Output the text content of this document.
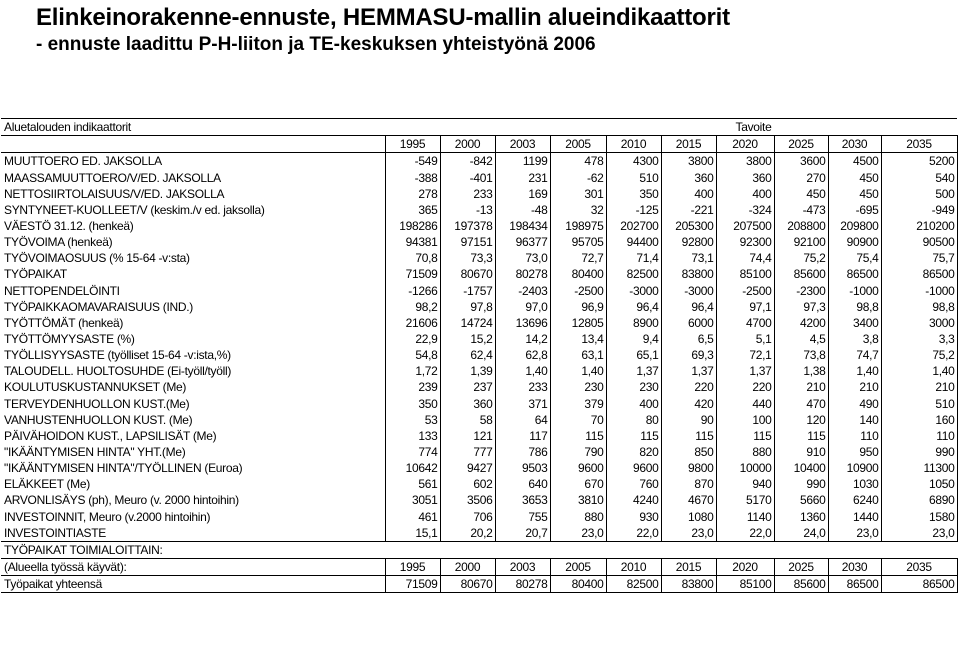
Elinkeinorakenne-ennuste, HEMMASU-mallin alueindikaattorit
- ennuste laadittu P-H-liiton ja TE-keskuksen yhteistyönä 2006
Aluetalouden indikaattorit				Tavoite						
	1995	2000	2003	2005	2010	2015	2020	2025	2030	2035
MUUTTOERO ED. JAKSOLLA	-549	-842	1199	478	4300	3800	3800	3600	4500	5200
MAASSAMUUTTOERO/V/ED. JAKSOLLA	-388	-401	231	-62	510	360	360	270	450	540
NETTOSIIRTOLAISUUS/V/ED. JAKSOLLA	278	233	169	301	350	400	400	450	450	500
SYNTYNEET-KUOLLEET/V (keskim./v ed. jaksolla)	365	-13	-48	32	-125	-221	-324	-473	-695	-949
VÄESTÖ 31.12. (henkeä)	198286	197378	198434	198975	202700	205300	207500	208800	209800	210200
TYÖVOIMA (henkeä)	94381	97151	96377	95705	94400	92800	92300	92100	90900	90500
TYÖVOIMAOSUUS (% 15-64 -v:sta)	70,8	73,3	73,0	72,7	71,4	73,1	74,4	75,2	75,4	75,7
TYÖPAIKAT	71509	80670	80278	80400	82500	83800	85100	85600	86500	86500
NETTOPENDELÖINTI	-1266	-1757	-2403	-2500	-3000	-3000	-2500	-2300	-1000	-1000
TYÖPAIKKAOMAVARAISUUS (IND.)	98,2	97,8	97,0	96,9	96,4	96,4	97,1	97,3	98,8	98,8
TYÖTTÖMÄT (henkeä)	21606	14724	13696	12805	8900	6000	4700	4200	3400	3000
TYÖTTÖMYYSASTE (%)	22,9	15,2	14,2	13,4	9,4	6,5	5,1	4,5	3,8	3,3
TYÖLLISYYSASTE (työlliset 15-64 -v:ista,%)	54,8	62,4	62,8	63,1	65,1	69,3	72,1	73,8	74,7	75,2
TALOUDELL. HUOLTOSUHDE (Ei-työll/työll)	1,72	1,39	1,40	1,40	1,37	1,37	1,37	1,38	1,40	1,40
KOULUTUSKUSTANNUKSET (Me)	239	237	233	230	230	220	220	210	210	210
TERVEYDENHUOLLON KUST.(Me)	350	360	371	379	400	420	440	470	490	510
VANHUSTENHUOLLON KUST. (Me)	53	58	64	70	80	90	100	120	140	160
PÄIVÄHOIDON KUST., LAPSILISÄT (Me)	133	121	117	115	115	115	115	115	110	110
"IKÄÄNTYMISEN HINTA" YHT.(Me)	774	777	786	790	820	850	880	910	950	990
"IKÄÄNTYMISEN HINTA"/TYÖLLINEN (Euroa)	10642	9427	9503	9600	9600	9800	10000	10400	10900	11300
ELÄKKEET (Me)	561	602	640	670	760	870	940	990	1030	1050
ARVONLISÄYS (ph), Meuro (v. 2000 hintoihin)	3051	3506	3653	3810	4240	4670	5170	5660	6240	6890
INVESTOINNIT, Meuro (v.2000 hintoihin)	461	706	755	880	930	1080	1140	1360	1440	1580
INVESTOINTIASTE	15,1	20,2	20,7	23,0	22,0	23,0	22,0	24,0	23,0	23,0
TYÖPAIKAT TOIMIALOITTAIN:										
(Alueella työssä käyvät):	1995	2000	2003	2005	2010	2015	2020	2025	2030	2035
Työpaikat yhteensä	71509	80670	80278	80400	82500	83800	85100	85600	86500	86500
